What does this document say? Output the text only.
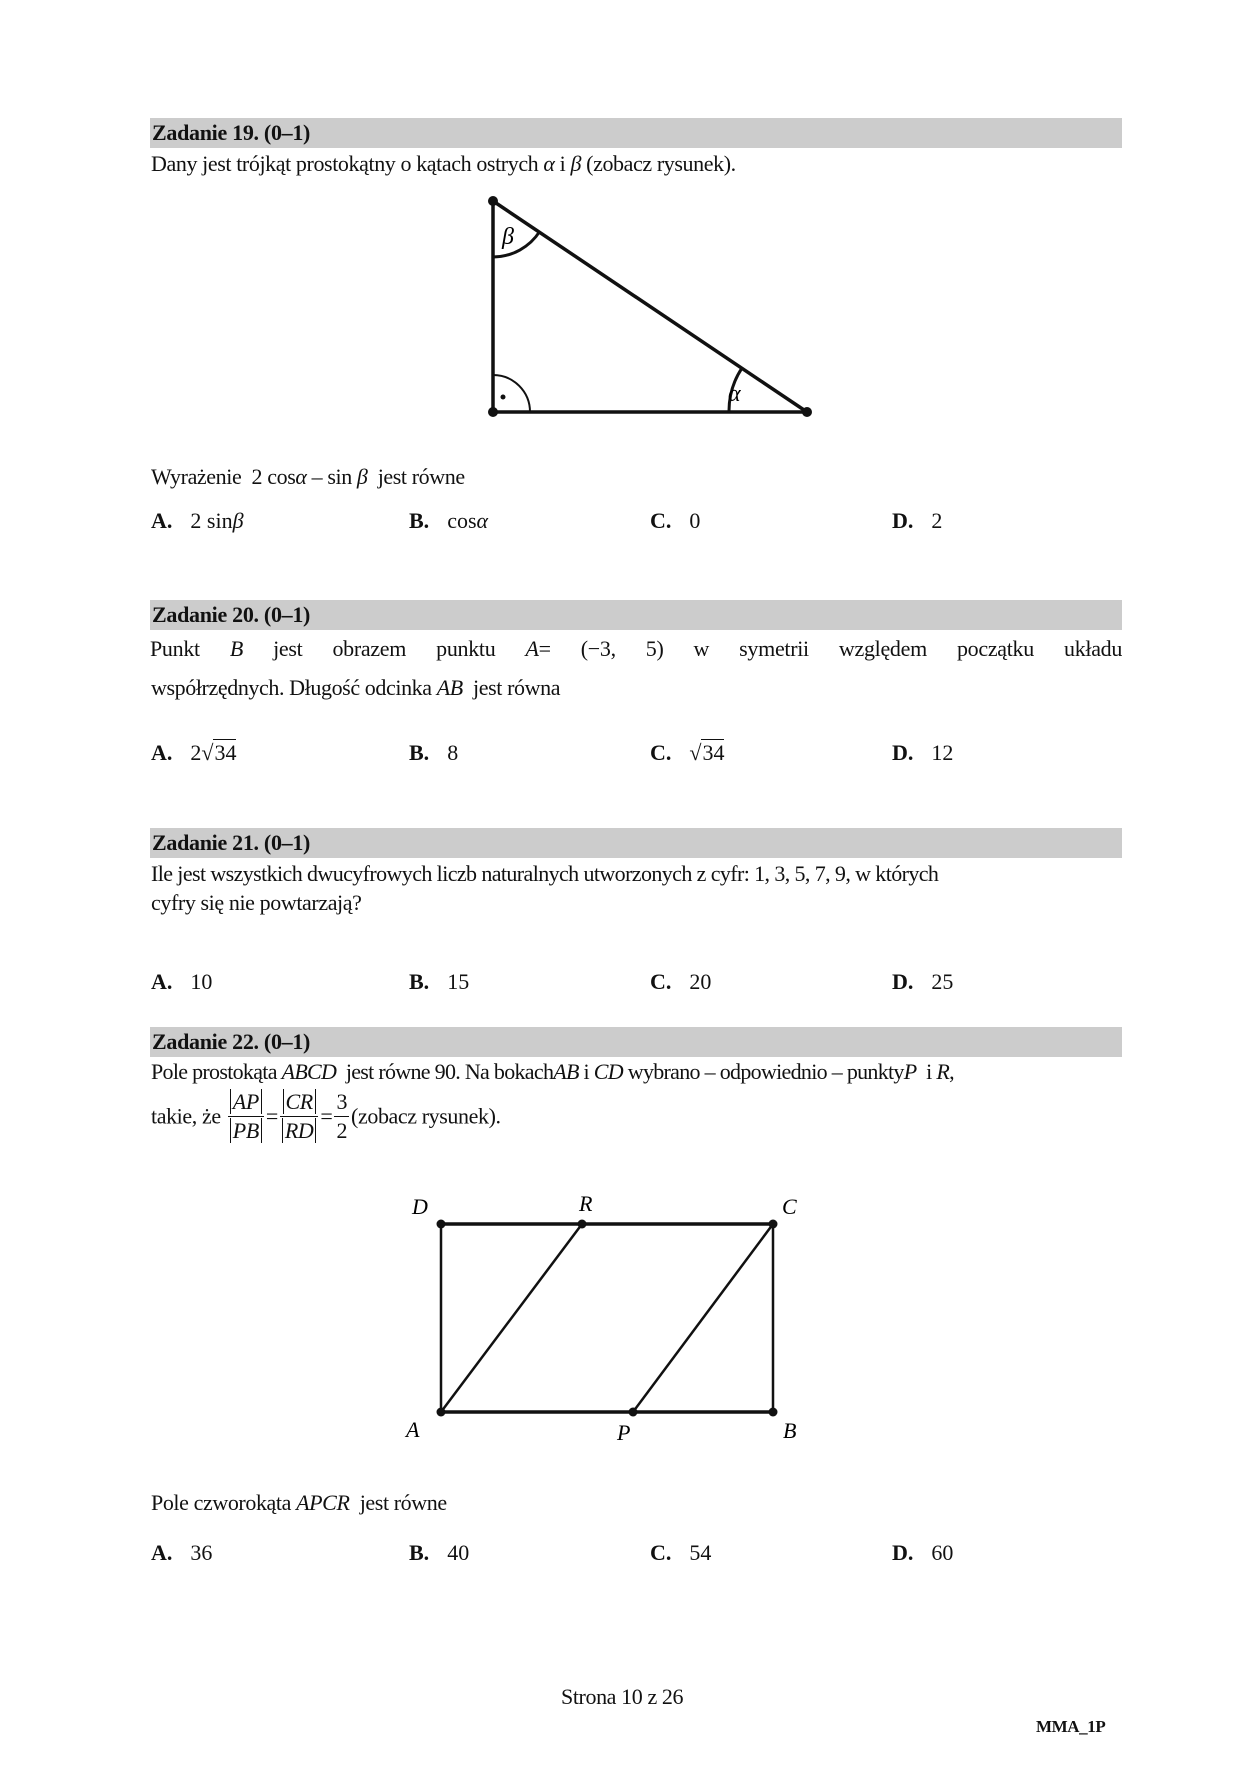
Zadanie 19. (0–1)
Dany jest trójkąt prostokątny o kątach ostrych α i β (zobacz rysunek).
β
α
Wyrażenie 2 cosα – sin β jest równe
A. 2 sinβ	B. cosα	C. 0	D. 2
Zadanie 20. (0–1)
Punkt B jest obrazem punktu A= (−3, 5) w symetrii względem początku układu
współrzędnych. Długość odcinka AB jest równa
A. 2√34	B. 8	C. √34	D. 12
Zadanie 21. (0–1)
Ile jest wszystkich dwucyfrowych liczb naturalnych utworzonych z cyfr: 1, 3, 5, 7, 9, w których
cyfry się nie powtarzają?
A. 10	B. 15	C. 20	D. 25
Zadanie 22. (0–1)
Pole prostokąta ABCD jest równe 90. Na bokachAB i CD wybrano – odpowiednio – punktyP i R,
takie, że $\frac{AP}{PB} = \frac{CR}{RD} = \frac{3}{2}$ (zobacz rysunek).
D	R	C
A	P	B
Pole czworokąta APCR jest równe
A. 36	B. 40	C. 54	D. 60
Strona 10 z 26
MMA_1P
